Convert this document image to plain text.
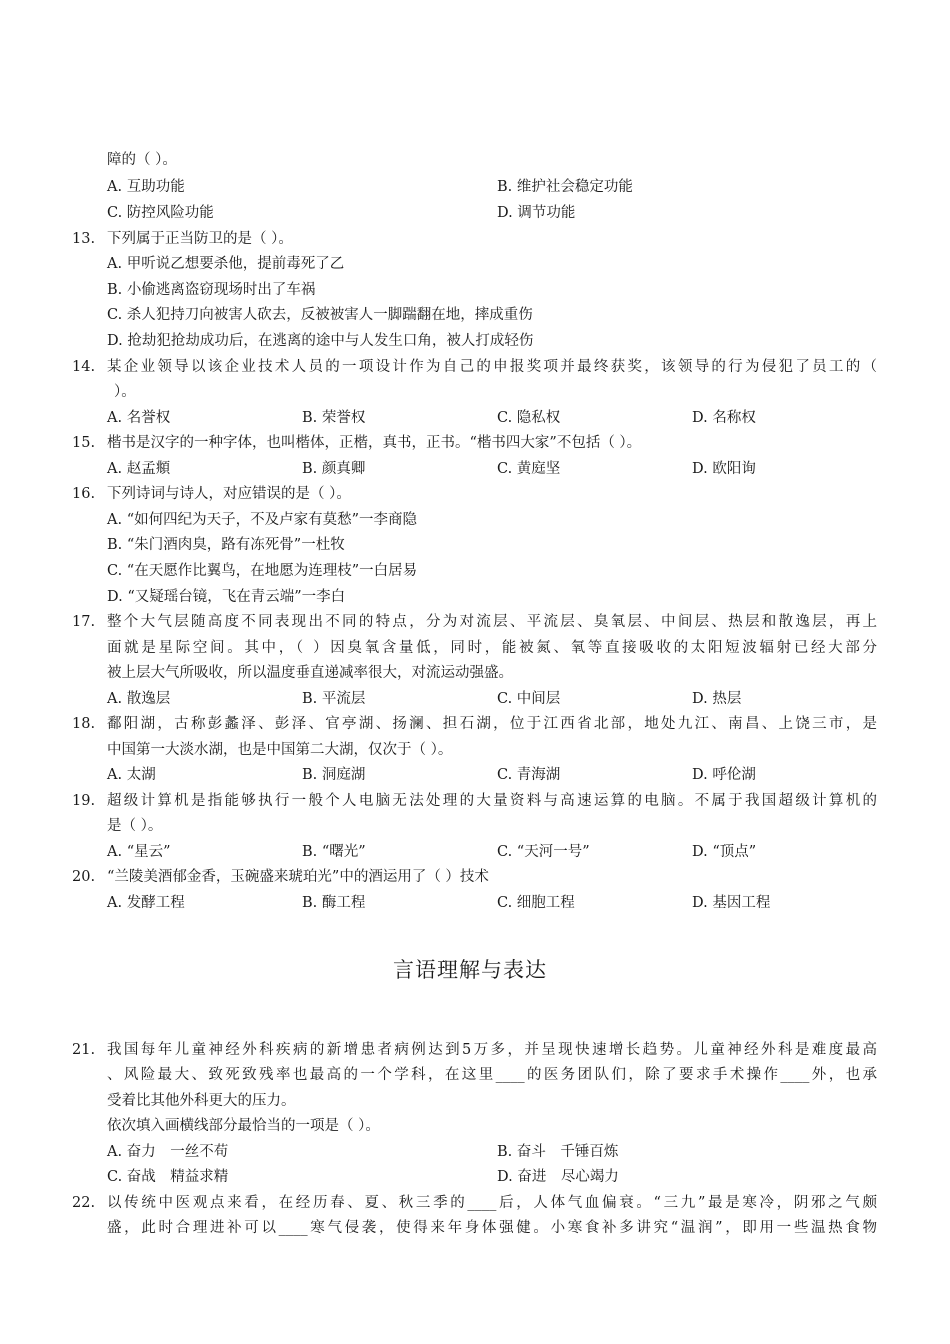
障的（ ）。
A. 互助功能	B. 维护社会稳定功能
C. 防控风险功能	D. 调节功能
13. 下列属于正当防卫的是（ ）。
A. 甲听说乙想要杀他，提前毒死了乙
B. 小偷逃离盗窃现场时出了车祸
C. 杀人犯持刀向被害人砍去，反被被害人一脚踹翻在地，摔成重伤
D. 抢劫犯抢劫成功后，在逃离的途中与人发生口角，被人打成轻伤
14. 某企业领导以该企业技术人员的一项设计作为自己的申报奖项并最终获奖，该领导的行为侵犯了员工的（
）。
A. 名誉权	B. 荣誉权	C. 隐私权	D. 名称权
15. 楷书是汉字的一种字体，也叫楷体，正楷，真书，正书。“楷书四大家”不包括（ ）。
A. 赵孟頫	B. 颜真卿	C. 黄庭坚	D. 欧阳询
16. 下列诗词与诗人，对应错误的是（ ）。
A. “如何四纪为天子，不及卢家有莫愁”一李商隐
B. “朱门酒肉臭，路有冻死骨”一杜牧
C. “在天愿作比翼鸟，在地愿为连理枝”一白居易
D. “又疑瑶台镜，飞在青云端”一李白
17. 整个大气层随高度不同表现出不同的特点，分为对流层、平流层、臭氧层、中间层、热层和散逸层，再上
面就是星际空间。其中，（ ）因臭氧含量低，同时，能被氮、氧等直接吸收的太阳短波辐射已经大部分
被上层大气所吸收，所以温度垂直递减率很大，对流运动强盛。
A. 散逸层	B. 平流层	C. 中间层	D. 热层
18. 鄱阳湖，古称彭蠡泽、彭泽、官亭湖、扬澜、担石湖，位于江西省北部，地处九江、南昌、上饶三市，是
中国第一大淡水湖，也是中国第二大湖，仅次于（ ）。
A. 太湖	B. 洞庭湖	C. 青海湖	D. 呼伦湖
19. 超级计算机是指能够执行一般个人电脑无法处理的大量资料与高速运算的电脑。不属于我国超级计算机的
是（ ）。
A. “星云”	B. “曙光”	C. “天河一号”	D. “顶点”
20. “兰陵美酒郁金香，玉碗盛来琥珀光”中的酒运用了（ ）技术
A. 发酵工程	B. 酶工程	C. 细胞工程	D. 基因工程
言语理解与表达
21. 我国每年儿童神经外科疾病的新增患者病例达到5万多，并呈现快速增长趋势。儿童神经外科是难度最高
、风险最大、致死致残率也最高的一个学科，在这里____的医务团队们，除了要求手术操作____外，也承
受着比其他外科更大的压力。
依次填入画横线部分最恰当的一项是（ ）。
A. 奋力　一丝不苟	B. 奋斗　千锤百炼
C. 奋战　精益求精	D. 奋进　尽心竭力
22. 以传统中医观点来看，在经历春、夏、秋三季的____后，人体气血偏衰。“三九”最是寒冷，阴邪之气颇
盛，此时合理进补可以____寒气侵袭，使得来年身体强健。小寒食补多讲究“温润”，即用一些温热食物
